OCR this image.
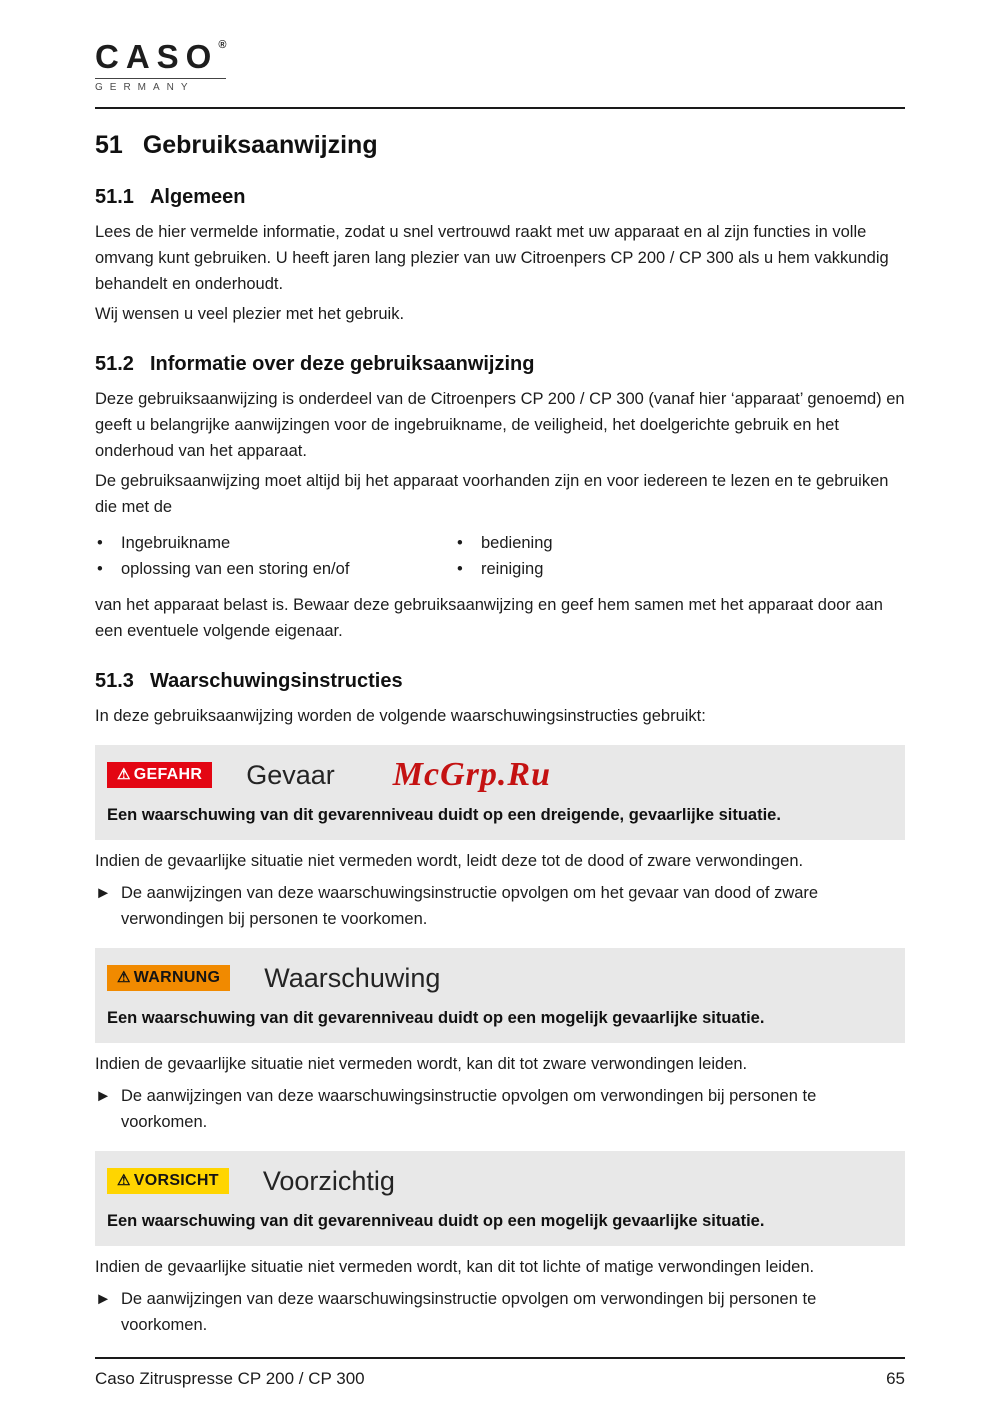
CASO®
GERMANY
51 Gebruiksaanwijzing
51.1 Algemeen

Lees de hier vermelde informatie, zodat u snel vertrouwd raakt met uw apparaat en al zijn functies in volle omvang kunt gebruiken. U heeft jaren lang plezier van uw Citroenpers CP 200 / CP 300 als u hem vakkundig behandelt en onderhoudt.

Wij wensen u veel plezier met het gebruik.

51.2 Informatie over deze gebruiksaanwijzing

Deze gebruiksaanwijzing is onderdeel van de Citroenpers CP 200 / CP 300 (vanaf hier ‘apparaat’ genoemd) en geeft u belangrijke aanwijzingen voor de ingebruikname, de veiligheid, het doelgerichte gebruik en het onderhoud van het apparaat.

De gebruiksaanwijzing moet altijd bij het apparaat voorhanden zijn en voor iedereen te lezen en te gebruiken die met de

•	Ingebruikname
•	oplossing van een storing en/of
•	bediening
•	reiniging

van het apparaat belast is. Bewaar deze gebruiksaanwijzing en geef hem samen met het apparaat door aan een eventuele volgende eigenaar.

51.3 Waarschuwingsinstructies

In deze gebruiksaanwijzing worden de volgende waarschuwingsinstructies gebruikt:

⚠ GEFAHR Gevaar McGrp.Ru

Een waarschuwing van dit gevarenniveau duidt op een dreigende, gevaarlijke situatie.

Indien de gevaarlijke situatie niet vermeden wordt, leidt deze tot de dood of zware verwondingen.

► De aanwijzingen van deze waarschuwingsinstructie opvolgen om het gevaar van dood of zware verwondingen bij personen te voorkomen.
⚠ WARNUNG Waarschuwing

Een waarschuwing van dit gevarenniveau duidt op een mogelijk gevaarlijke situatie.

Indien de gevaarlijke situatie niet vermeden wordt, kan dit tot zware verwondingen leiden.

► De aanwijzingen van deze waarschuwingsinstructie opvolgen om verwondingen bij personen te voorkomen.
⚠ VORSICHT Voorzichtig

Een waarschuwing van dit gevarenniveau duidt op een mogelijk gevaarlijke situatie.

Indien de gevaarlijke situatie niet vermeden wordt, kan dit tot lichte of matige verwondingen leiden.

► De aanwijzingen van deze waarschuwingsinstructie opvolgen om verwondingen bij personen te voorkomen.
Caso Zitruspresse CP 200 / CP 300	65
